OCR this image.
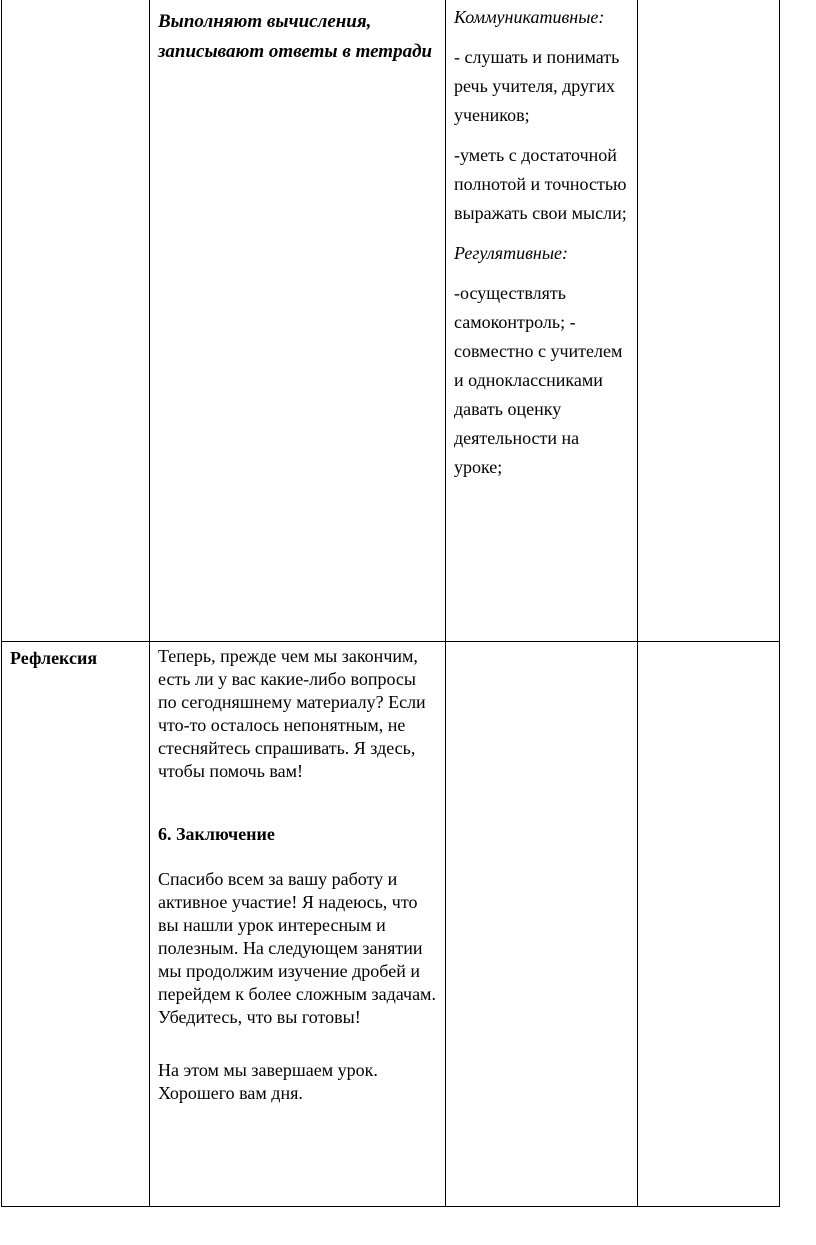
	Выполняют вычисления, записывают ответы в тетради	Коммуникативные:

- слушать и понимать речь учителя, других учеников;

-уметь с достаточной полнотой и точностью выражать свои мысли;

Регулятивные:

-осуществлять самоконтроль; - совместно с учителем и одноклассниками давать оценку деятельности на уроке;	

Рефлексия	Теперь, прежде чем мы закончим, есть ли у вас какие-либо вопросы по сегодняшнему материалу? Если что-то осталось непонятным, не стесняйтесь спрашивать. Я здесь, чтобы помочь вам!

6. Заключение

Спасибо всем за вашу работу и активное участие! Я надеюсь, что вы нашли урок интересным и полезным. На следующем занятии мы продолжим изучение дробей и перейдем к более сложным задачам. Убедитесь, что вы готовы!

На этом мы завершаем урок. Хорошего вам дня.		
